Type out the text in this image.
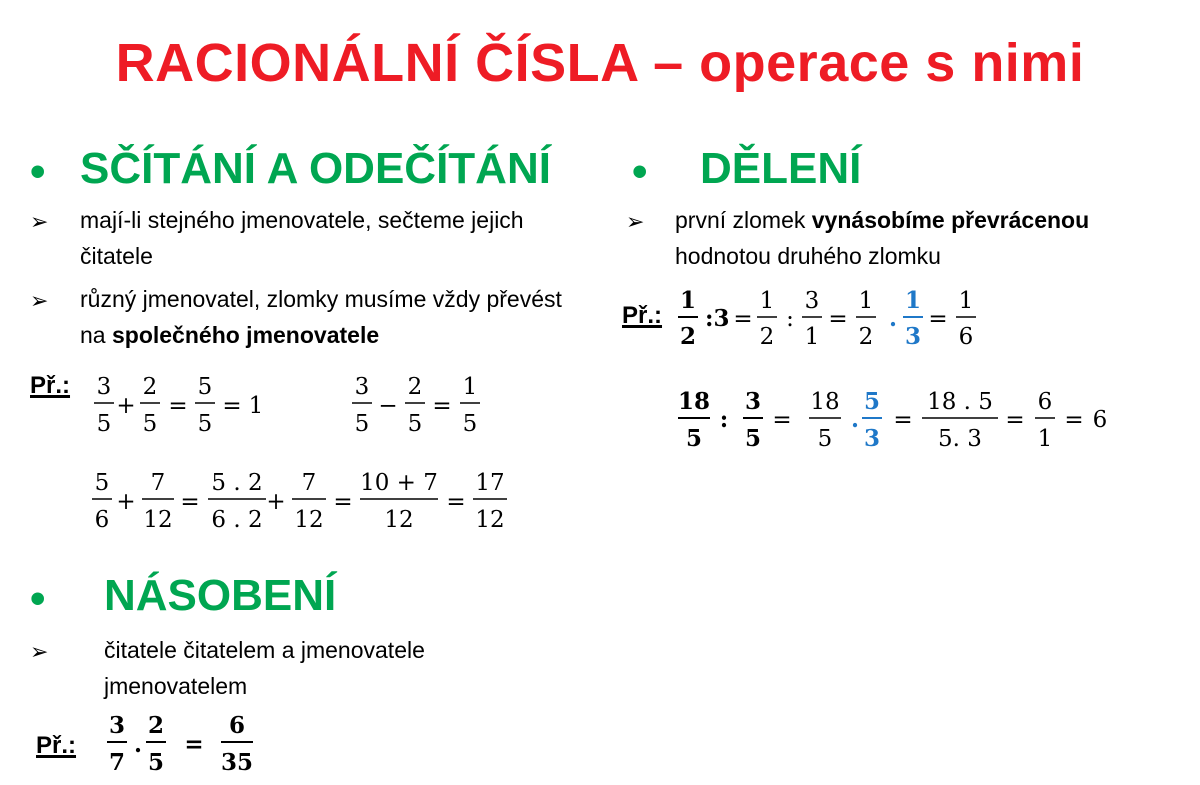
RACIONÁLNÍ ČÍSLA – operace s nimi
• SČÍTÁNÍ A ODEČÍTÁNÍ
➢ mají-li stejného jmenovatele, sečteme jejich čitatele
➢ různý jmenovatel, zlomky musíme vždy převést na společného jmenovatele
Př.: 3
5
+
2
5
=
5
5
= 1
3
5
−
2
5
=
1
5
5
6
+
7
12
=
5 . 2
6 . 2
+
7
12
=
10 + 7
12
=
17
12
3
7
.
2
5
=
6
35
1
2
:3 =
1
2
:
3
1
=
1
2
.
1
3
=
1
6
18
5
:
3
5
=
18
5
.
5
3
=
18 . 5
5. 3
=
6
1
= 6
• NÁSOBENÍ
➢ čitatele čitatelem a jmenovatele jmenovatelem
Př.:
• DĚLENÍ
➢ první zlomek vynásobíme převrácenou hodnotou druhého zlomku
Př.:
